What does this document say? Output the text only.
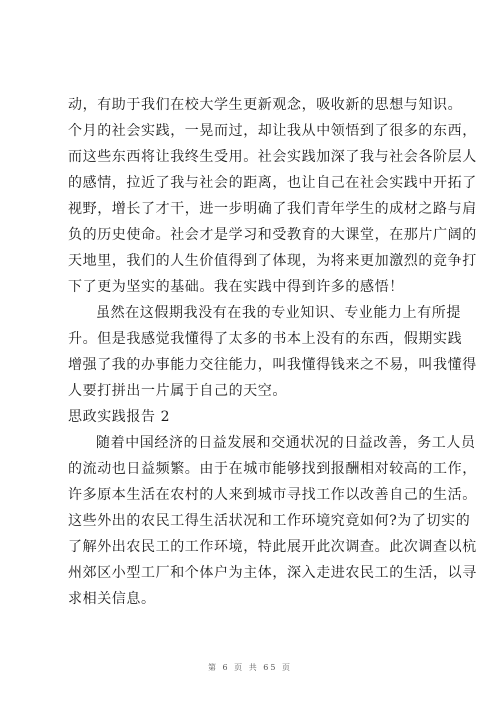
动，有助于我们在校大学生更新观念，吸收新的思想与知识。
个月的社会实践，一晃而过，却让我从中领悟到了很多的东西，
而这些东西将让我终生受用。社会实践加深了我与社会各阶层人
的感情，拉近了我与社会的距离，也让自己在社会实践中开拓了
视野，增长了才干，进一步明确了我们青年学生的成材之路与肩
负的历史使命。社会才是学习和受教育的大课堂，在那片广阔的
天地里，我们的人生价值得到了体现，为将来更加激烈的竞争打
下了更为坚实的基础。我在实践中得到许多的感悟！
虽然在这假期我没有在我的专业知识、专业能力上有所提
升。但是我感觉我懂得了太多的书本上没有的东西，假期实践
增强了我的办事能力交往能力，叫我懂得钱来之不易，叫我懂得
人要打拼出一片属于自己的天空。
思政实践报告 2
随着中国经济的日益发展和交通状况的日益改善，务工人员
的流动也日益频繁。由于在城市能够找到报酬相对较高的工作，
许多原本生活在农村的人来到城市寻找工作以改善自己的生活。
这些外出的农民工得生活状况和工作环境究竟如何?为了切实的
了解外出农民工的工作环境，特此展开此次调查。此次调查以杭
州郊区小型工厂和个体户为主体，深入走进农民工的生活，以寻
求相关信息。
第 6 页 共 65 页
